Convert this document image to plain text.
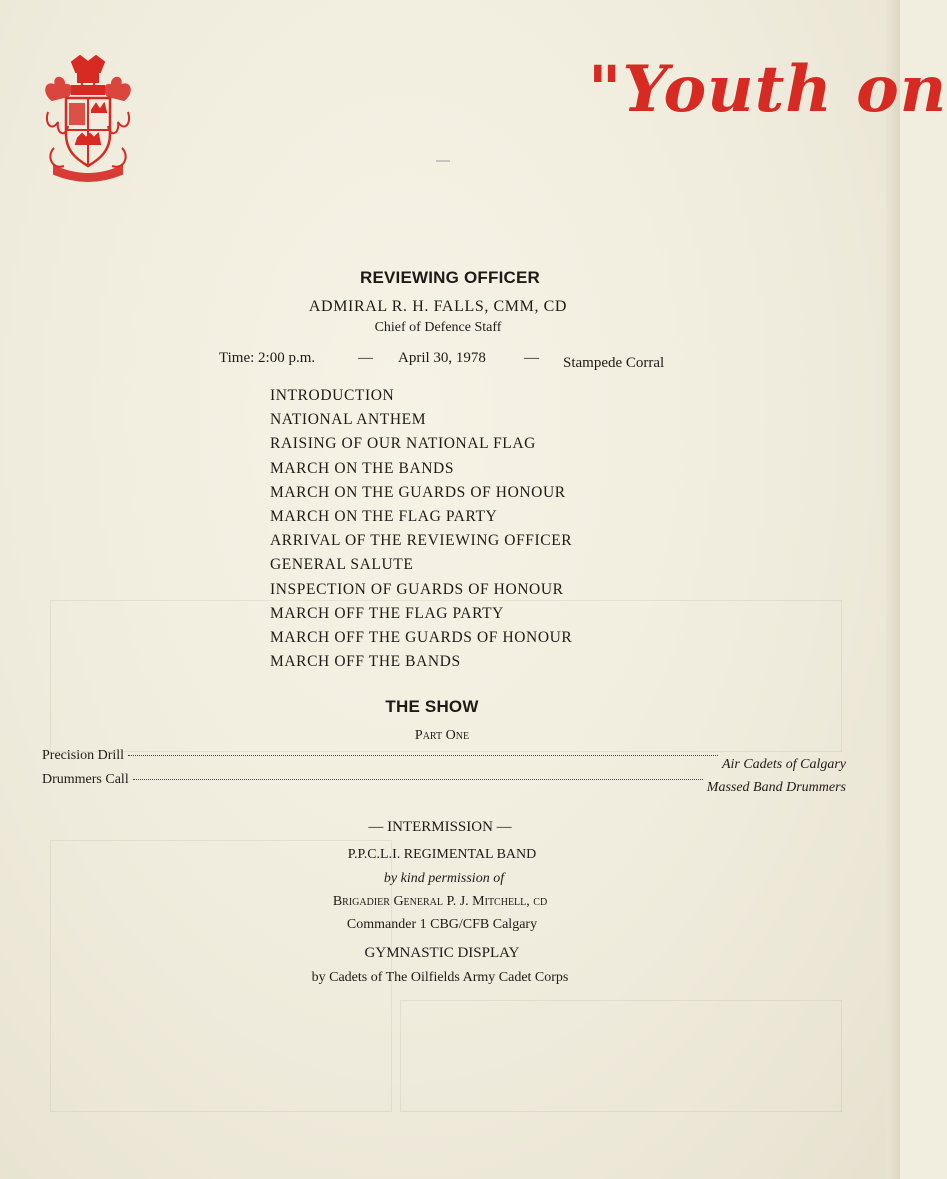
"Youth on
REVIEWING OFFICER
ADMIRAL R. H. FALLS, CMM, CD
Chief of Defence Staff
Time: 2:00 p.m.	— April 30, 1978	— Stampede Corral
INTRODUCTION
NATIONAL ANTHEM
RAISING OF OUR NATIONAL FLAG
MARCH ON THE BANDS
MARCH ON THE GUARDS OF HONOUR
MARCH ON THE FLAG PARTY
ARRIVAL OF THE REVIEWING OFFICER
GENERAL SALUTE
INSPECTION OF GUARDS OF HONOUR
MARCH OFF THE FLAG PARTY
MARCH OFF THE GUARDS OF HONOUR
MARCH OFF THE BANDS
THE SHOW
Part One
Precision Drill
Air Cadets of Calgary
Drummers Call
Massed Band Drummers
— INTERMISSION —
P.P.C.L.I. REGIMENTAL BAND
by kind permission of
Brigadier General P. J. Mitchell, cd
Commander 1 CBG/CFB Calgary
GYMNASTIC DISPLAY
by Cadets of The Oilfields Army Cadet Corps
